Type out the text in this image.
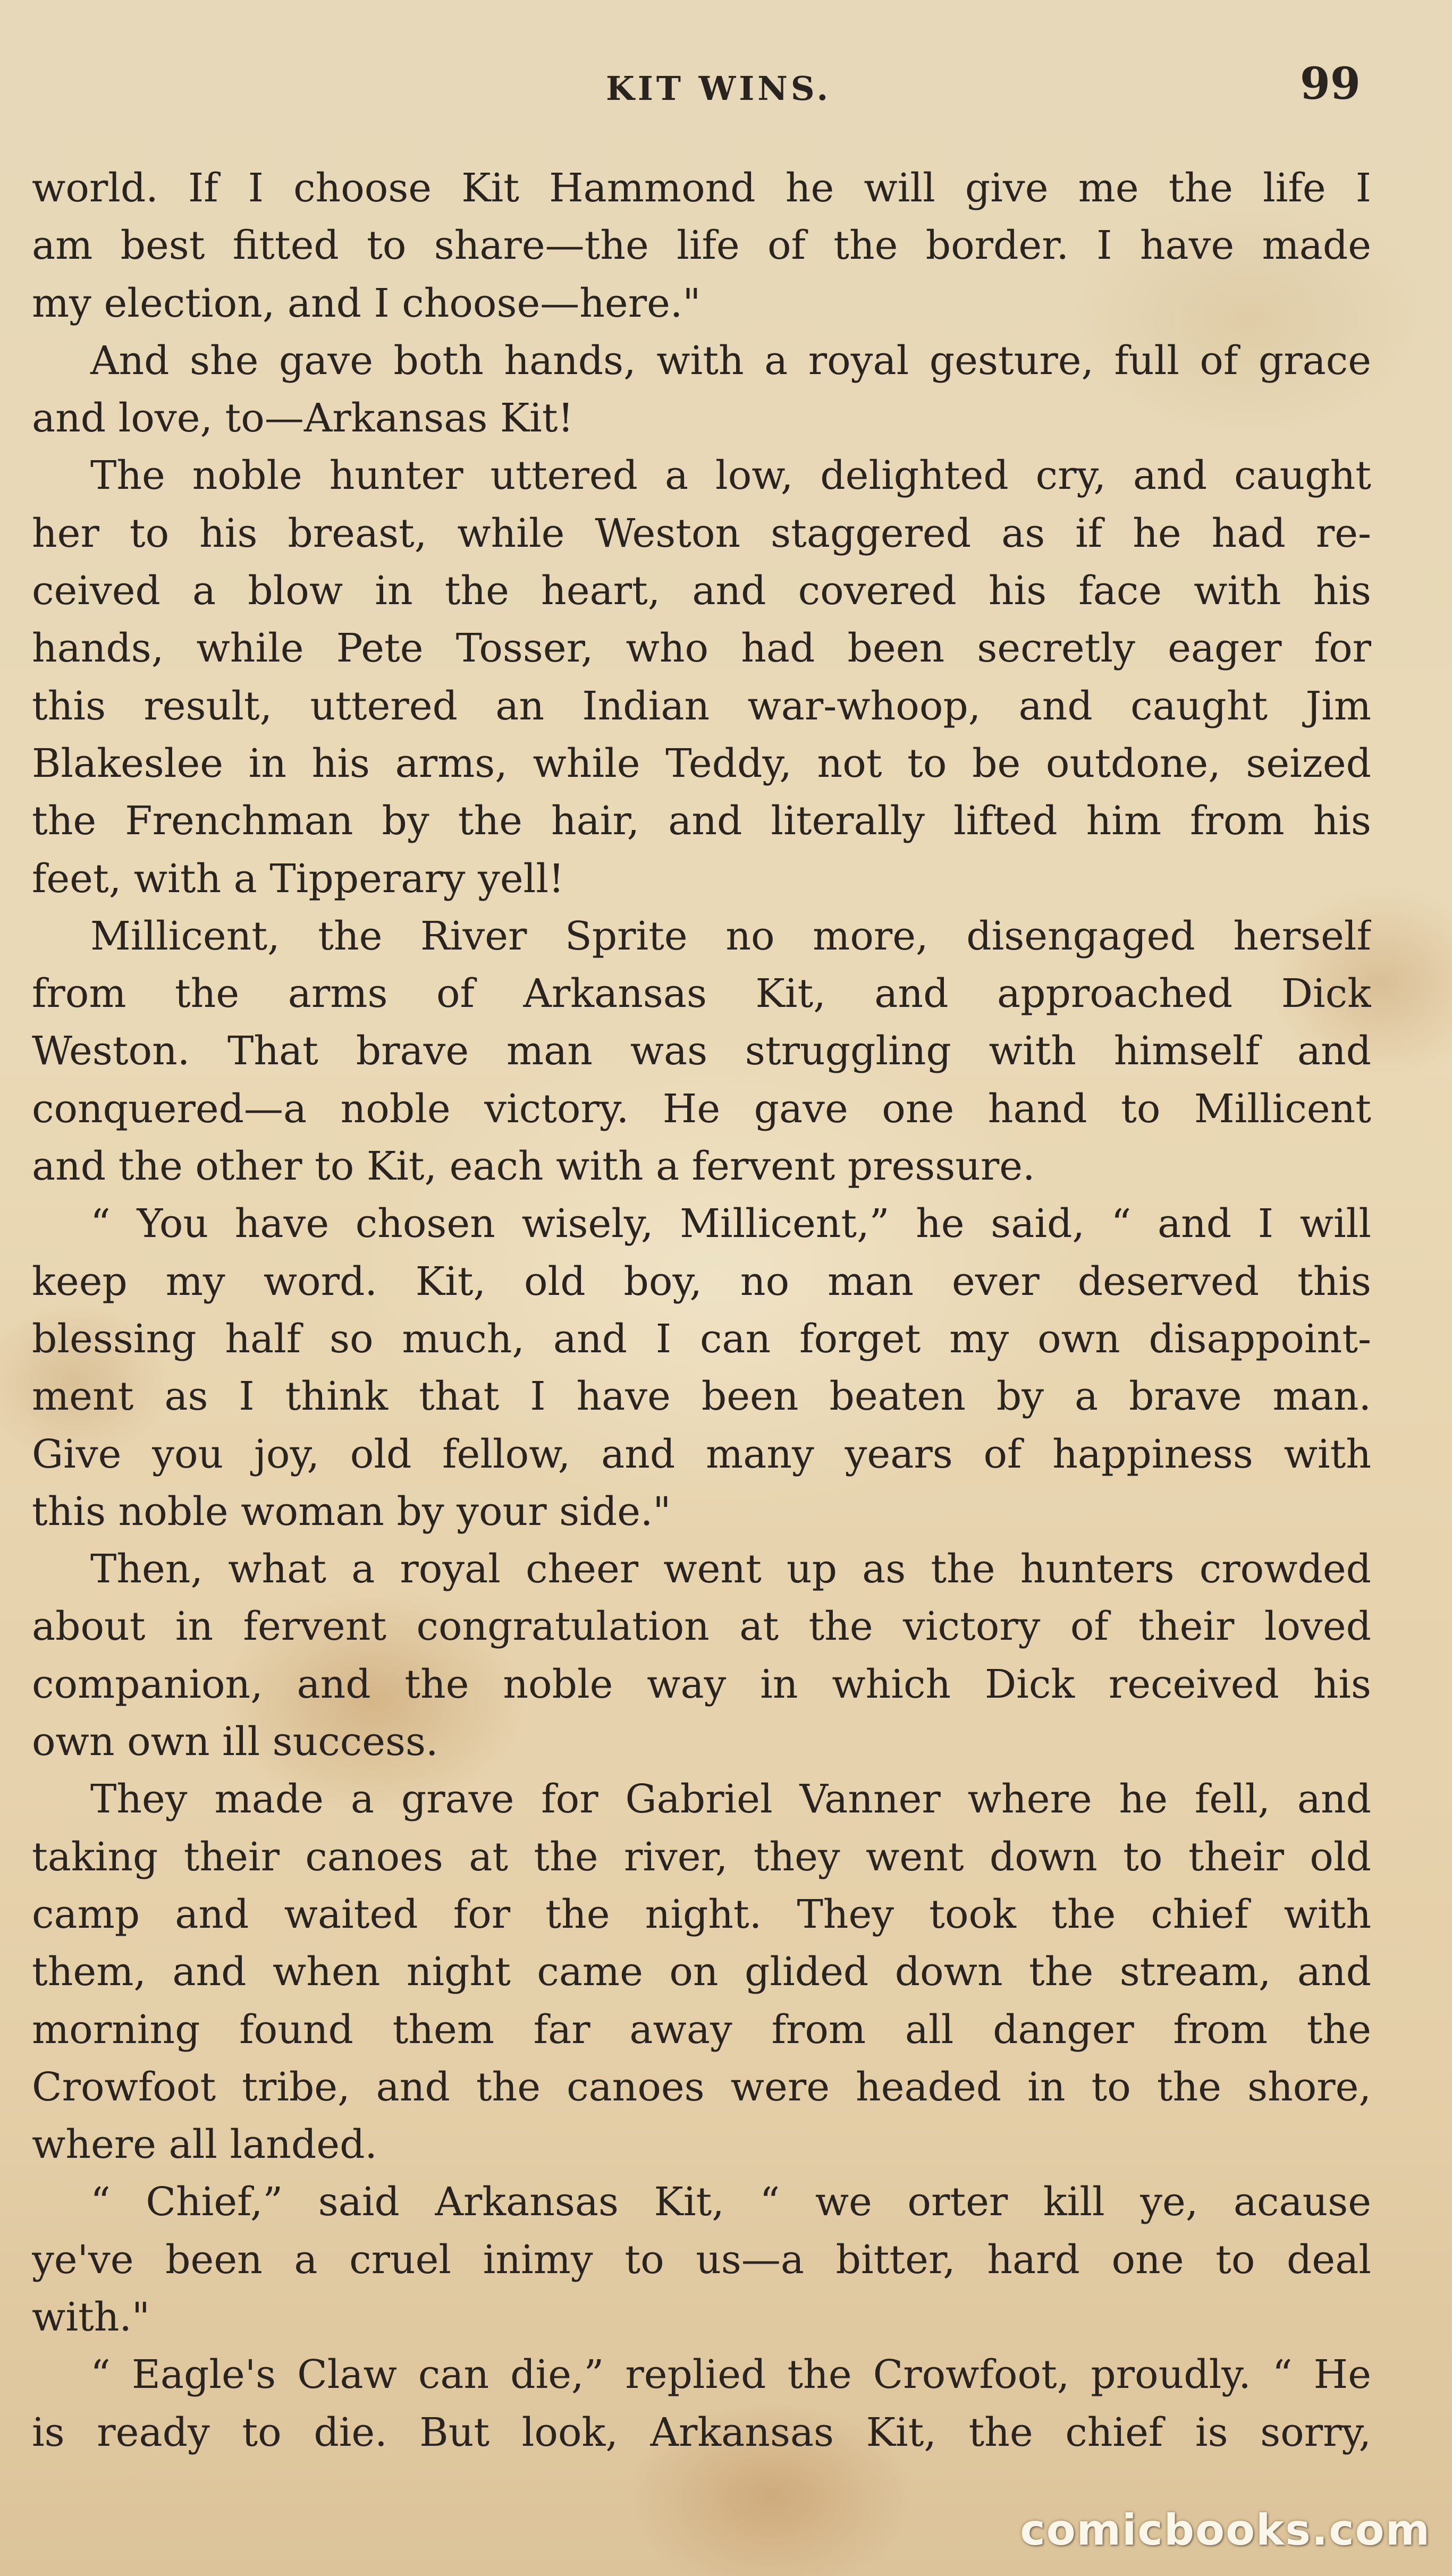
KIT WINS.	99
world. If I choose Kit Hammond he will give me the life I
am best fitted to share—the life of the border. I have made
my election, and I choose—here."
And she gave both hands, with a royal gesture, full of grace
and love, to—Arkansas Kit!
The noble hunter uttered a low, delighted cry, and caught
her to his breast, while Weston staggered as if he had re-
ceived a blow in the heart, and covered his face with his
hands, while Pete Tosser, who had been secretly eager for
this result, uttered an Indian war-whoop, and caught Jim
Blakeslee in his arms, while Teddy, not to be outdone, seized
the Frenchman by the hair, and literally lifted him from his
feet, with a Tipperary yell!
Millicent, the River Sprite no more, disengaged herself
from the arms of Arkansas Kit, and approached Dick
Weston. That brave man was struggling with himself and
conquered—a noble victory. He gave one hand to Millicent
and the other to Kit, each with a fervent pressure.
“ You have chosen wisely, Millicent,” he said, “ and I will
keep my word. Kit, old boy, no man ever deserved this
blessing half so much, and I can forget my own disappoint-
ment as I think that I have been beaten by a brave man.
Give you joy, old fellow, and many years of happiness with
this noble woman by your side."
Then, what a royal cheer went up as the hunters crowded
about in fervent congratulation at the victory of their loved
companion, and the noble way in which Dick received his
own own ill success.
They made a grave for Gabriel Vanner where he fell, and
taking their canoes at the river, they went down to their old
camp and waited for the night. They took the chief with
them, and when night came on glided down the stream, and
morning found them far away from all danger from the
Crowfoot tribe, and the canoes were headed in to the shore,
where all landed.
“ Chief,” said Arkansas Kit, “ we orter kill ye, acause
ye've been a cruel inimy to us—a bitter, hard one to deal
with."
“ Eagle's Claw can die,” replied the Crowfoot, proudly. “ He
is ready to die. But look, Arkansas Kit, the chief is sorry,
comicbooks.com
